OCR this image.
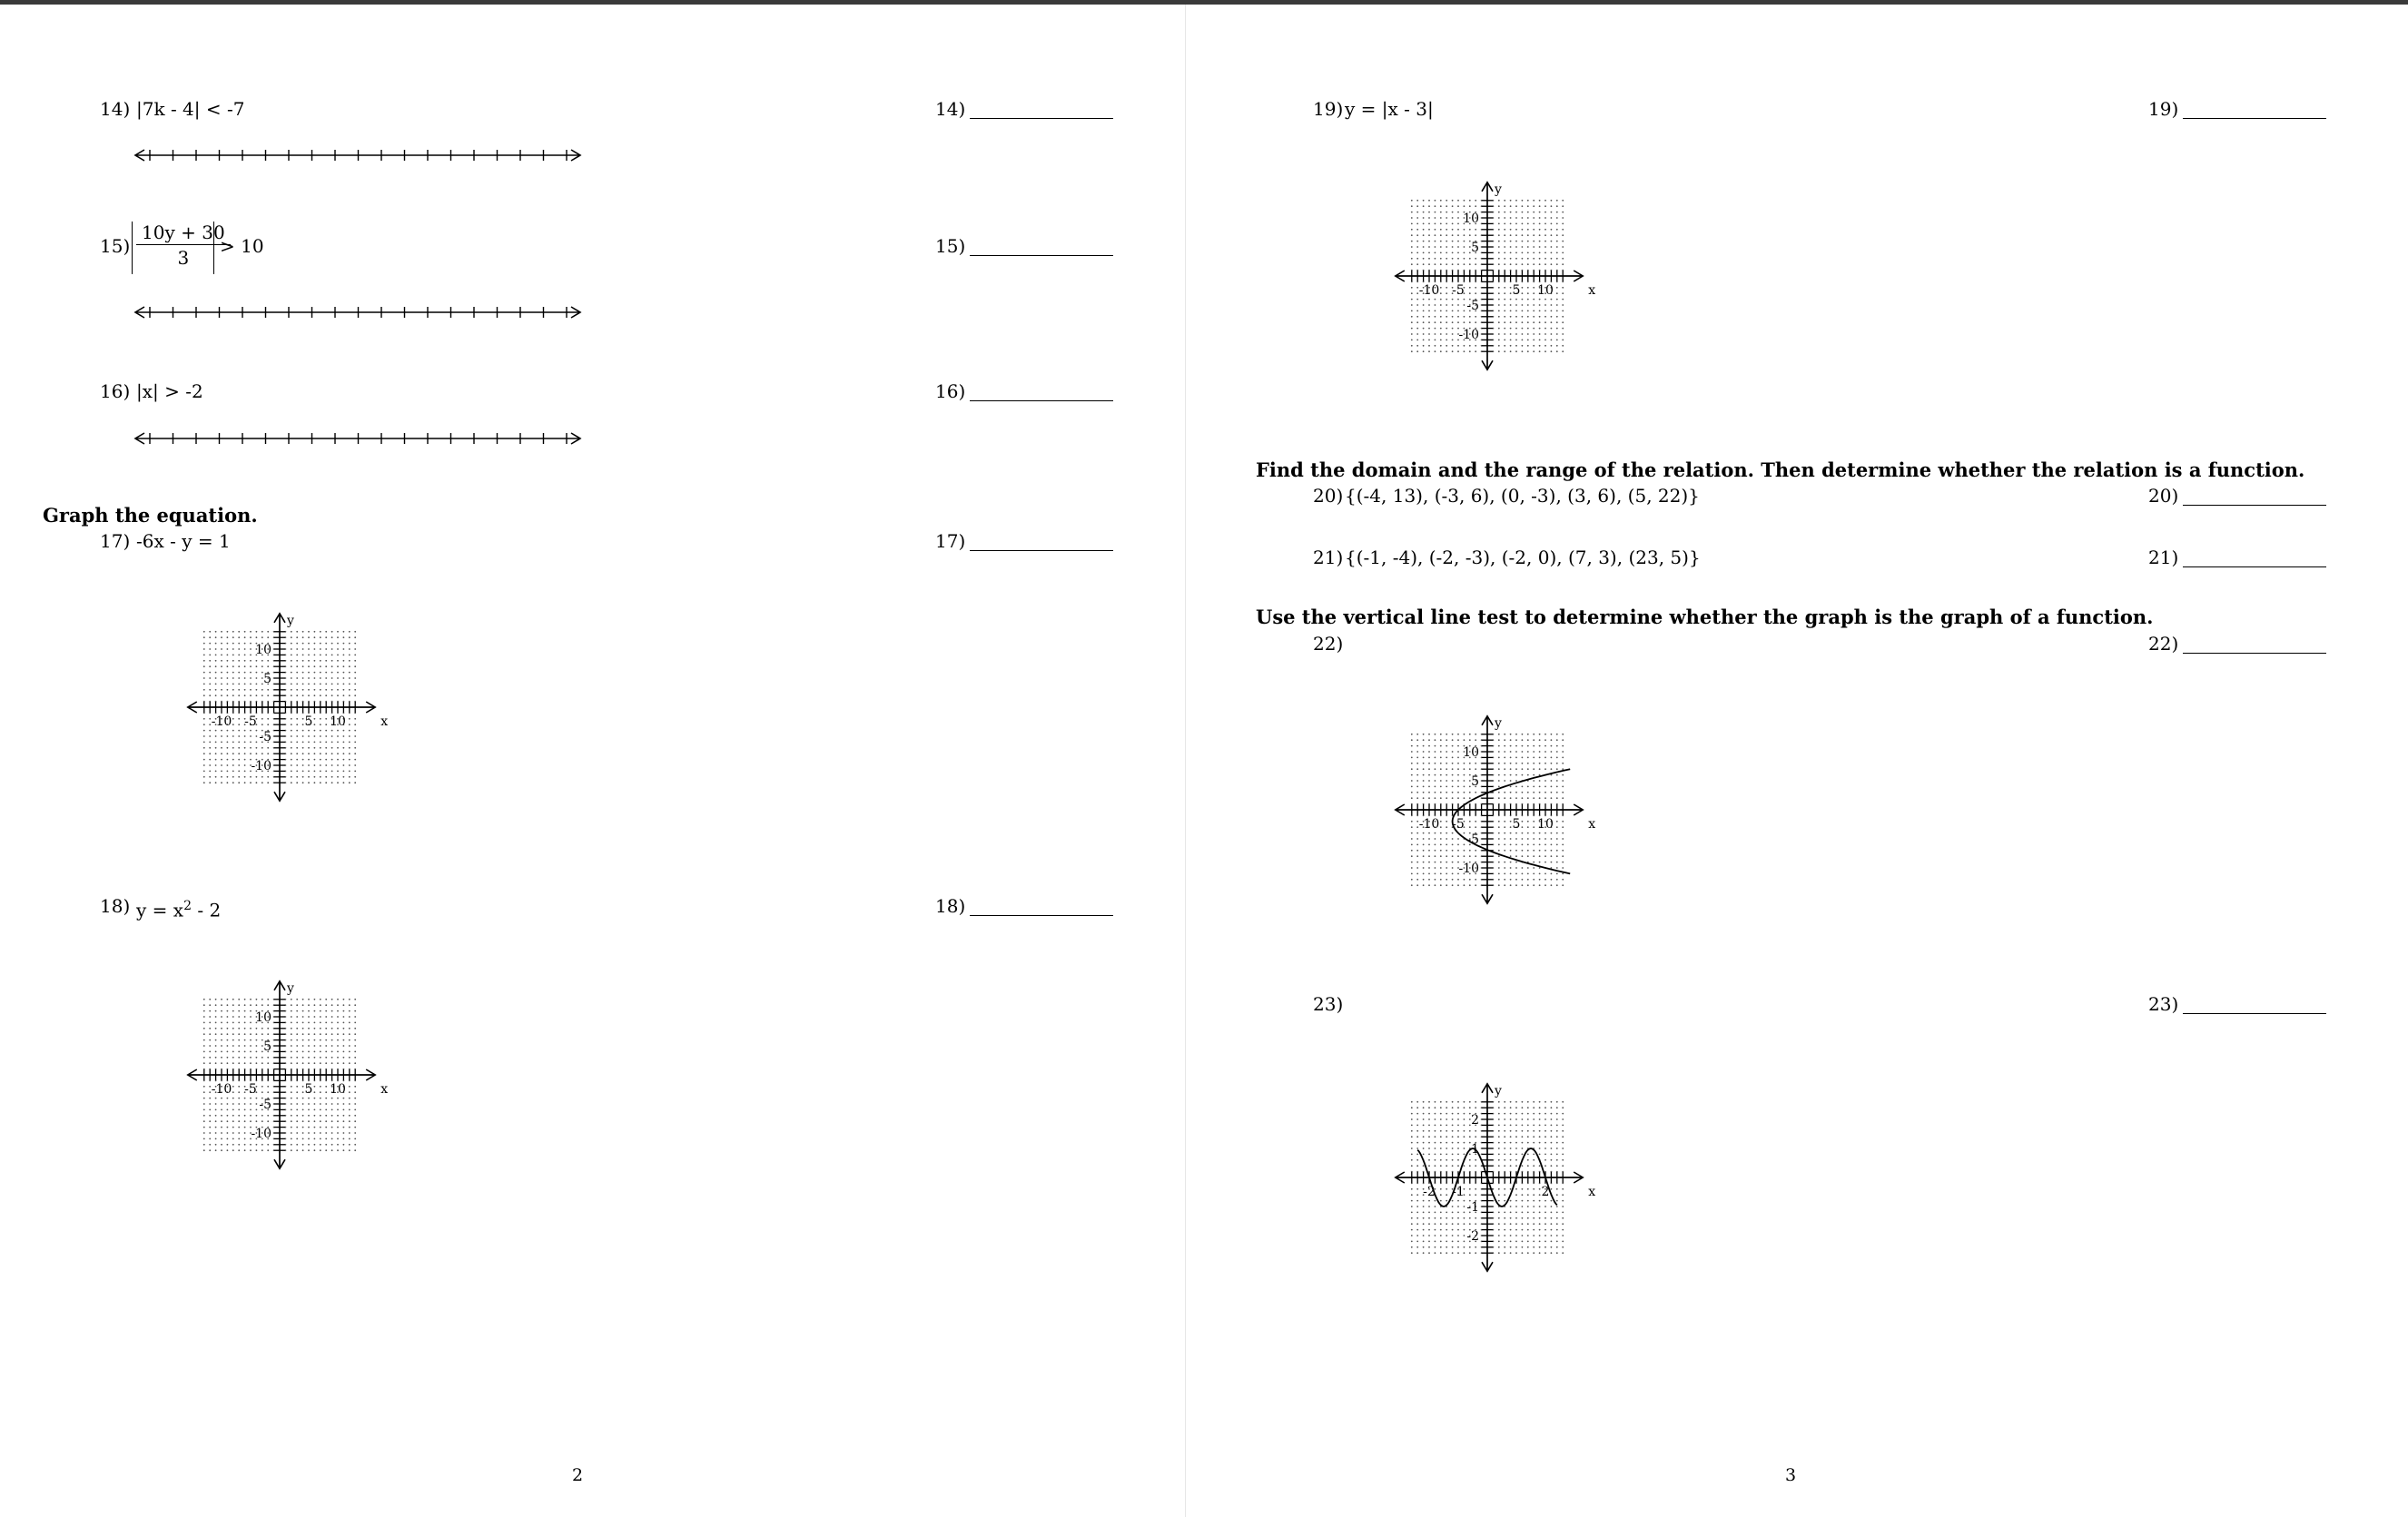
14) |7k - 4| < -7	14)
$15) \frac{10y + 30}{3}$
> 10	15)
16) |x| > -2	16)
Graph the equation.
17) -6x - y = 1	17)
-10 -5	5 10
10
5
-5
-10
x
y
18) $y = x^2 - 2$	18)
-10 -5	5 10
10
5
-5
-10
x
y
2
19) y = |x - 3|	19)
-10 -5	5 10
10
5
-5
-10
x
y
Find the domain and the range of the relation. Then determine whether the relation is a function.
20) {(-4, 13), (-3, 6), (0, -3), (3, 6), (5, 22)}	20)
21) {(-1, -4), (-2, -3), (-2, 0), (7, 3), (23, 5)}	21)
Use the vertical line test to determine whether the graph is the graph of a function.
22)	22)
-10 -5	5 10
10
5
-5
-10
x
y
23)	23)
-2 -1	2
2
1
-1
-2
x
y
3
